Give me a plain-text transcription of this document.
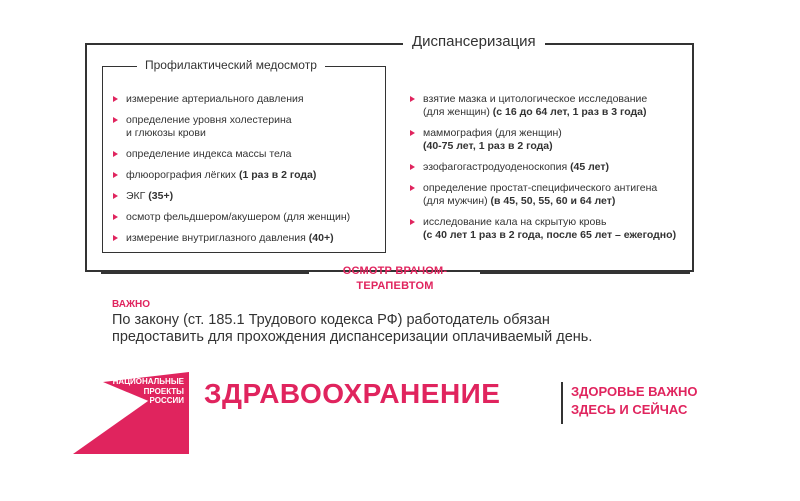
Диспансеризация
Профилактический медосмотр
измерение артериального давления
определение уровня холестерина
и глюкозы крови
определение индекса массы тела
флюорография лёгких (1 раз в 2 года)
ЭКГ (35+)
осмотр фельдшером/акушером (для женщин)
измерение внутриглазного давления (40+)
взятие мазка и цитологическое исследование
(для женщин) (с 16 до 64 лет, 1 раз в 3 года)
маммография (для женщин)
(40-75 лет, 1 раз в 2 года)
эзофагогастродуоденоскопия (45 лет)
определение простат-специфического антигена
(для мужчин) (в 45, 50, 55, 60 и 64 лет)
исследование кала на скрытую кровь
(с 40 лет 1 раз в 2 года, после 65 лет – ежегодно)
ОСМОТР ВРАЧОМ-ТЕРАПЕВТОМ
ВАЖНО
По закону (ст. 185.1 Трудового кодекса РФ) работодатель обязан
предоставить для прохождения диспансеризации оплачиваемый день.
НАЦИОНАЛЬНЫЕ
ПРОЕКТЫ
РОССИИ ЗДРАВООХРАНЕНИЕ	ЗДОРОВЬЕ ВАЖНО
ЗДЕСЬ И СЕЙЧАС
